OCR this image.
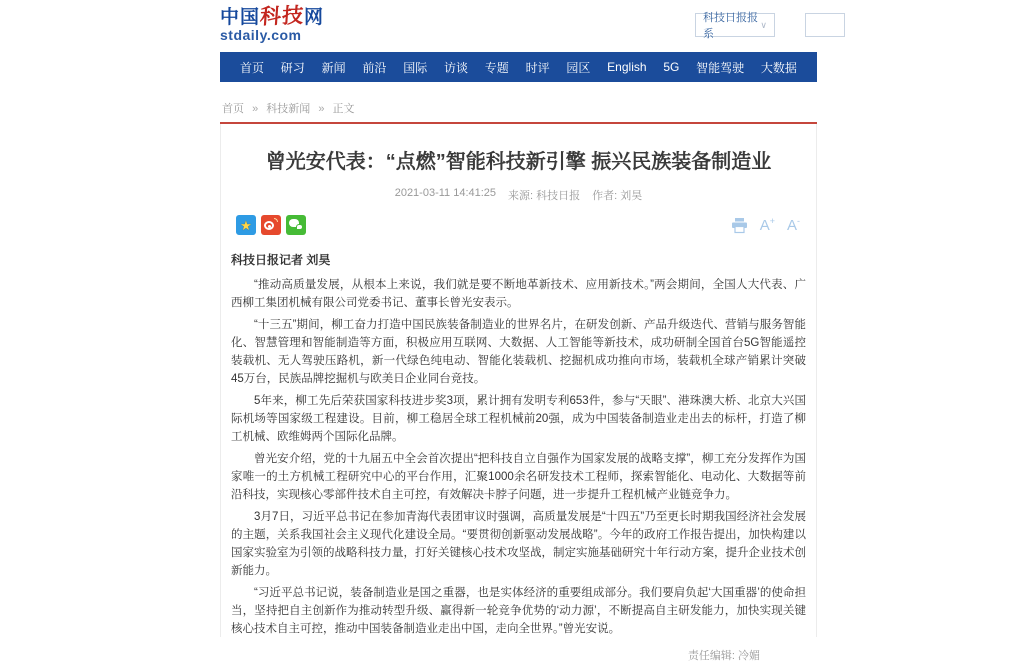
中国科技网
stdaily.com
科技日报报系
∨
首页 研习 新闻 前沿 国际 访谈 专题 时评 园区 English 5G 智能驾驶 大数据
首页 » 科技新闻 » 正文
曾光安代表：“点燃”智能科技新引擎 振兴民族装备制造业
2021-03-11 14:41:25 来源: 科技日报 作者: 刘昊
★	A + A -
科技日报记者 刘昊

“推动高质量发展，从根本上来说，我们就是要不断地革新技术、应用新技术。”两会期间，全国人大代表、广西柳工集团机械有限公司党委书记、董事长曾光安表示。

“十三五”期间，柳工奋力打造中国民族装备制造业的世界名片，在研发创新、产品升级迭代、营销与服务智能化、智慧管理和智能制造等方面，积极应用互联网、大数据、人工智能等新技术，成功研制全国首台5G智能遥控装载机、无人驾驶压路机，新一代绿色纯电动、智能化装载机、挖掘机成功推向市场，装载机全球产销累计突破45万台，民族品牌挖掘机与欧美日企业同台竞技。

5年来，柳工先后荣获国家科技进步奖3项，累计拥有发明专利653件，参与“天眼”、港珠澳大桥、北京大兴国际机场等国家级工程建设。目前，柳工稳居全球工程机械前20强，成为中国装备制造业走出去的标杆，打造了柳工机械、欧维姆两个国际化品牌。

曾光安介绍，党的十九届五中全会首次提出“把科技自立自强作为国家发展的战略支撑”，柳工充分发挥作为国家唯一的土方机械工程研究中心的平台作用，汇聚1000余名研发技术工程师，探索智能化、电动化、大数据等前沿科技，实现核心零部件技术自主可控，有效解决卡脖子问题，进一步提升工程机械产业链竞争力。

3月7日，习近平总书记在参加青海代表团审议时强调，高质量发展是“十四五”乃至更长时期我国经济社会发展的主题，关系我国社会主义现代化建设全局。“要贯彻创新驱动发展战略”。今年的政府工作报告提出，加快构建以国家实验室为引领的战略科技力量，打好关键核心技术攻坚战，制定实施基础研究十年行动方案，提升企业技术创新能力。

“习近平总书记说，装备制造业是国之重器，也是实体经济的重要组成部分。我们要肩负起‘大国重器’的使命担当，坚持把自主创新作为推动转型升级、赢得新一轮竞争优势的‘动力源’，不断提高自主研发能力，加快实现关键核心技术自主可控，推动中国装备制造业走出中国，走向全世界。”曾光安说。

责任编辑: 冷媚
